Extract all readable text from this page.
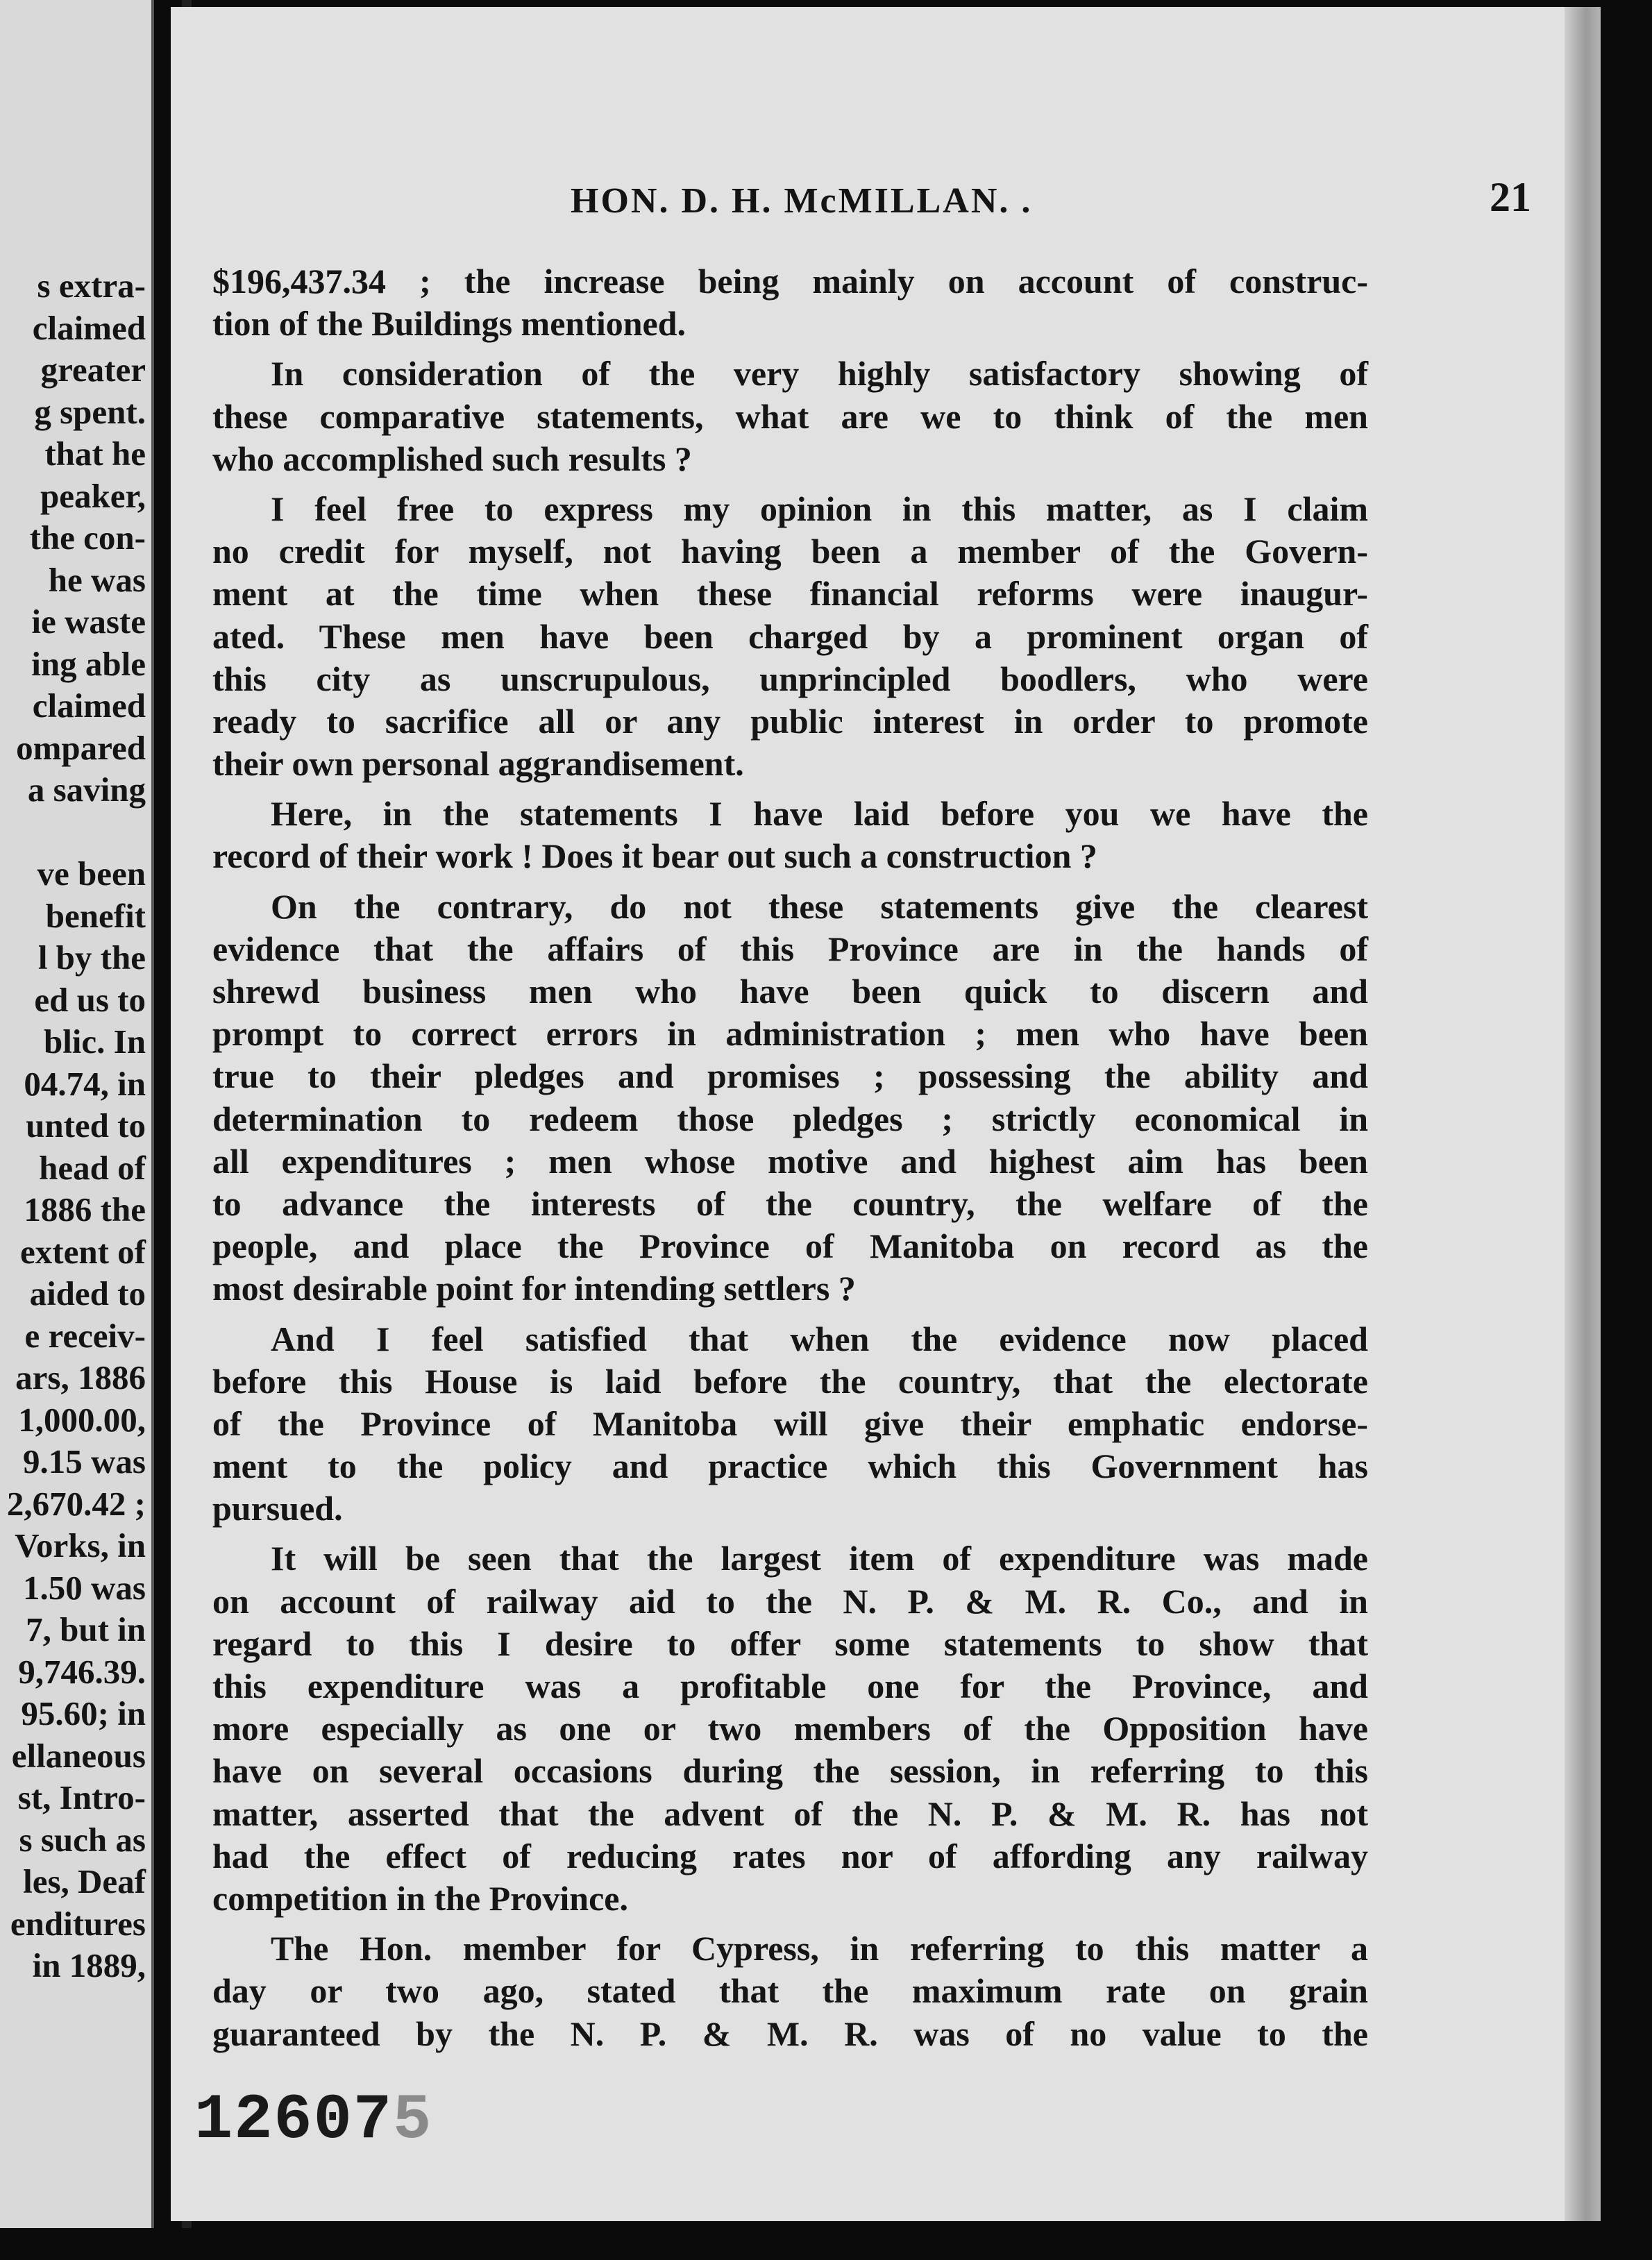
s extra-
claimed
greater
g spent.
that he
peaker,
the con-
he was
ie waste
ing able
claimed
ompared
a saving
ve been
benefit
l by the
ed us to
blic. In
04.74, in
unted to
head of
1886 the
extent of
aided to
e receiv-
ars, 1886
1,000.00,
9.15 was
2,670.42 ;
Vorks, in
1.50 was
7, but in
9,746.39.
95.60; in
ellaneous
st, Intro-
s such as
les, Deaf
enditures
in 1889,
HON. D. H. McMILLAN. .	21
$196,437.34 ; the increase being mainly on account of construc-
tion of the Buildings mentioned.
In consideration of the very highly satisfactory showing of
these comparative statements, what are we to think of the men
who accomplished such results ?
I feel free to express my opinion in this matter, as I claim
no credit for myself, not having been a member of the Govern-
ment at the time when these financial reforms were inaugur-
ated. These men have been charged by a prominent organ of
this city as unscrupulous, unprincipled boodlers, who were
ready to sacrifice all or any public interest in order to promote
their own personal aggrandisement.
Here, in the statements I have laid before you we have the
record of their work ! Does it bear out such a construction ?
On the contrary, do not these statements give the clearest
evidence that the affairs of this Province are in the hands of
shrewd business men who have been quick to discern and
prompt to correct errors in administration ; men who have been
true to their pledges and promises ; possessing the ability and
determination to redeem those pledges ; strictly economical in
all expenditures ; men whose motive and highest aim has been
to advance the interests of the country, the welfare of the
people, and place the Province of Manitoba on record as the
most desirable point for intending settlers ?
And I feel satisfied that when the evidence now placed
before this House is laid before the country, that the electorate
of the Province of Manitoba will give their emphatic endorse-
ment to the policy and practice which this Government has
pursued.
It will be seen that the largest item of expenditure was made
on account of railway aid to the N. P. & M. R. Co., and in
regard to this I desire to offer some statements to show that
this expenditure was a profitable one for the Province, and
more especially as one or two members of the Opposition have
have on several occasions during the session, in referring to this
matter, asserted that the advent of the N. P. & M. R. has not
had the effect of reducing rates nor of affording any railway
competition in the Province.
The Hon. member for Cypress, in referring to this matter a
day or two ago, stated that the maximum rate on grain
guaranteed by the N. P. & M. R. was of no value to the
126075
